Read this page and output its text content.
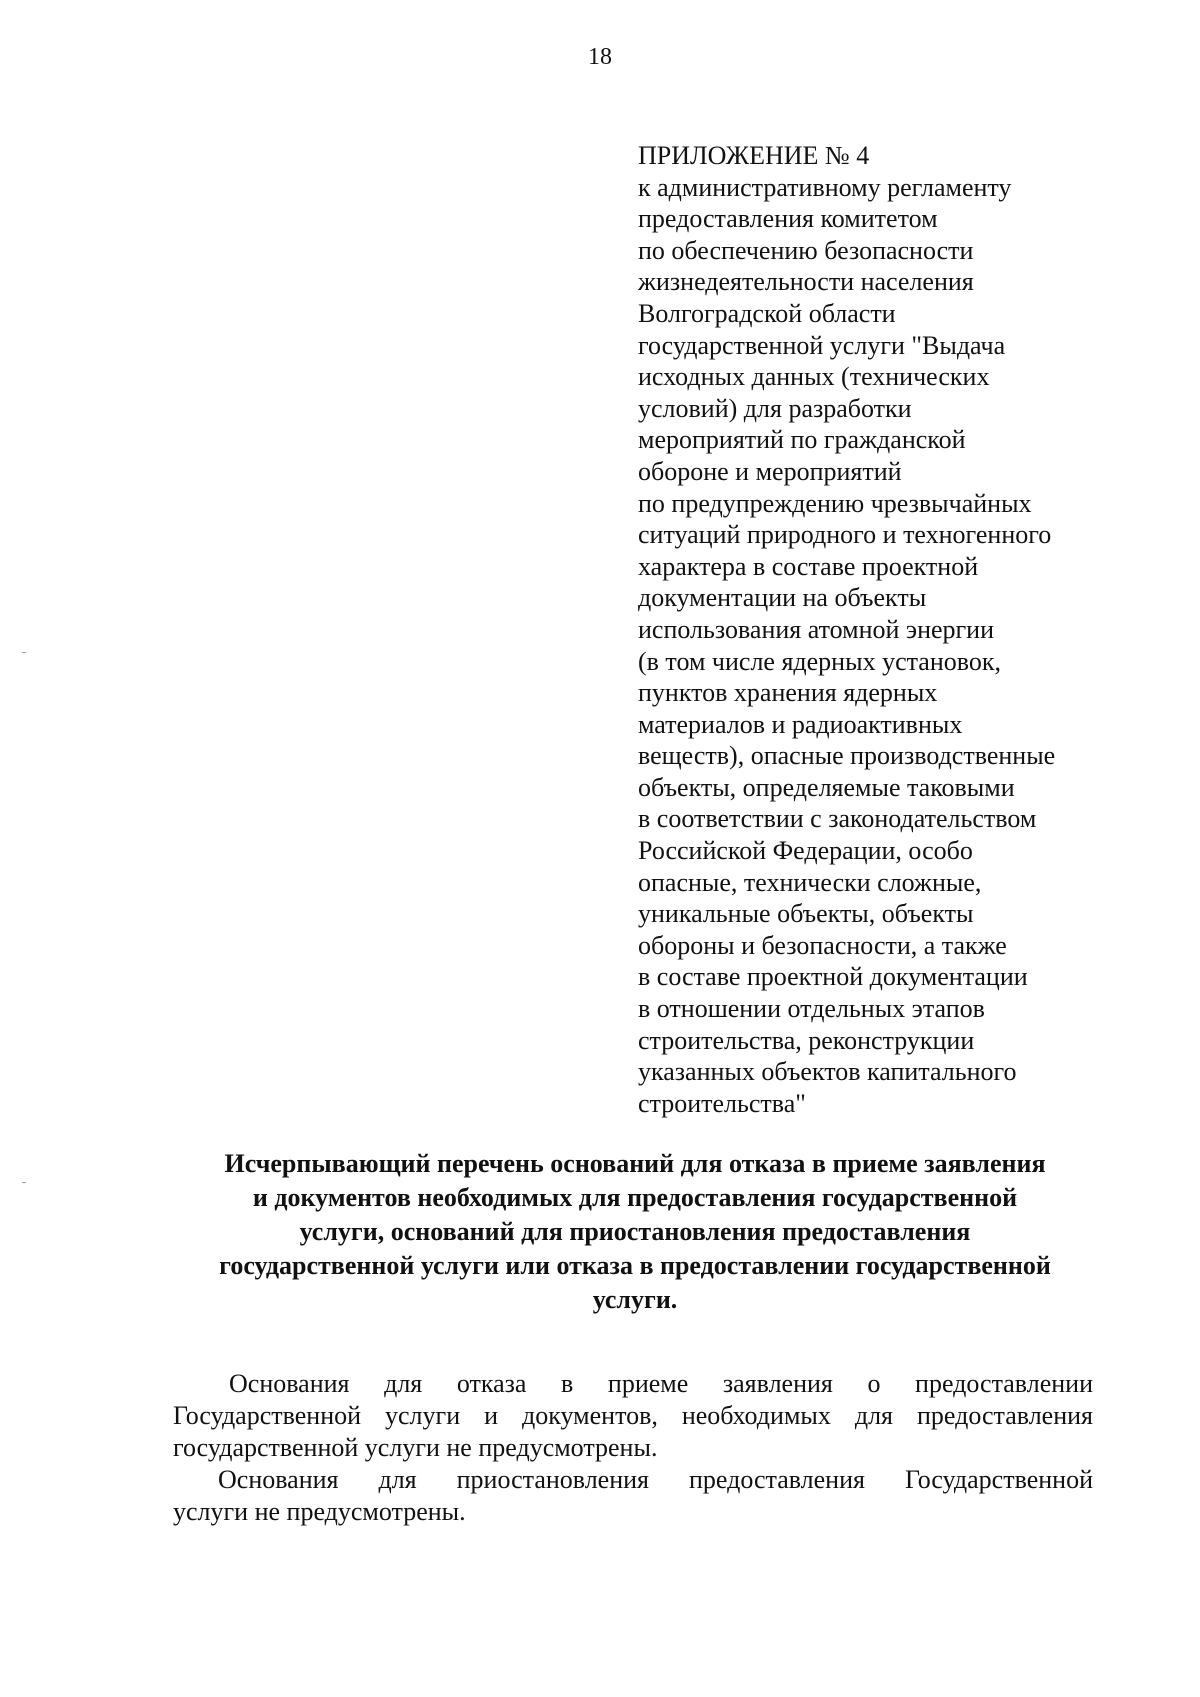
18
ПРИЛОЖЕНИЕ № 4
к административному регламенту
предоставления комитетом
по обеспечению безопасности
жизнедеятельности населения
Волгоградской области
государственной услуги "Выдача
исходных данных (технических
условий) для разработки
мероприятий по гражданской
обороне и мероприятий
по предупреждению чрезвычайных
ситуаций природного и техногенного
характера в составе проектной
документации на объекты
использования атомной энергии
(в том числе ядерных установок,
пунктов хранения ядерных
материалов и радиоактивных
веществ), опасные производственные
объекты, определяемые таковыми
в соответствии с законодательством
Российской Федерации, особо
опасные, технически сложные,
уникальные объекты, объекты
обороны и безопасности, а также
в составе проектной документации
в отношении отдельных этапов
строительства, реконструкции
указанных объектов капитального
строительства"
Исчерпывающий перечень оснований для отказа в приеме заявления
и документов необходимых для предоставления государственной
услуги, оснований для приостановления предоставления
государственной услуги или отказа в предоставлении государственной
услуги.
Основания для отказа в приеме заявления о предоставлении
Государственной услуги и документов, необходимых для предоставления
государственной услуги не предусмотрены.
Основания для приостановления предоставления Государственной
услуги не предусмотрены.
